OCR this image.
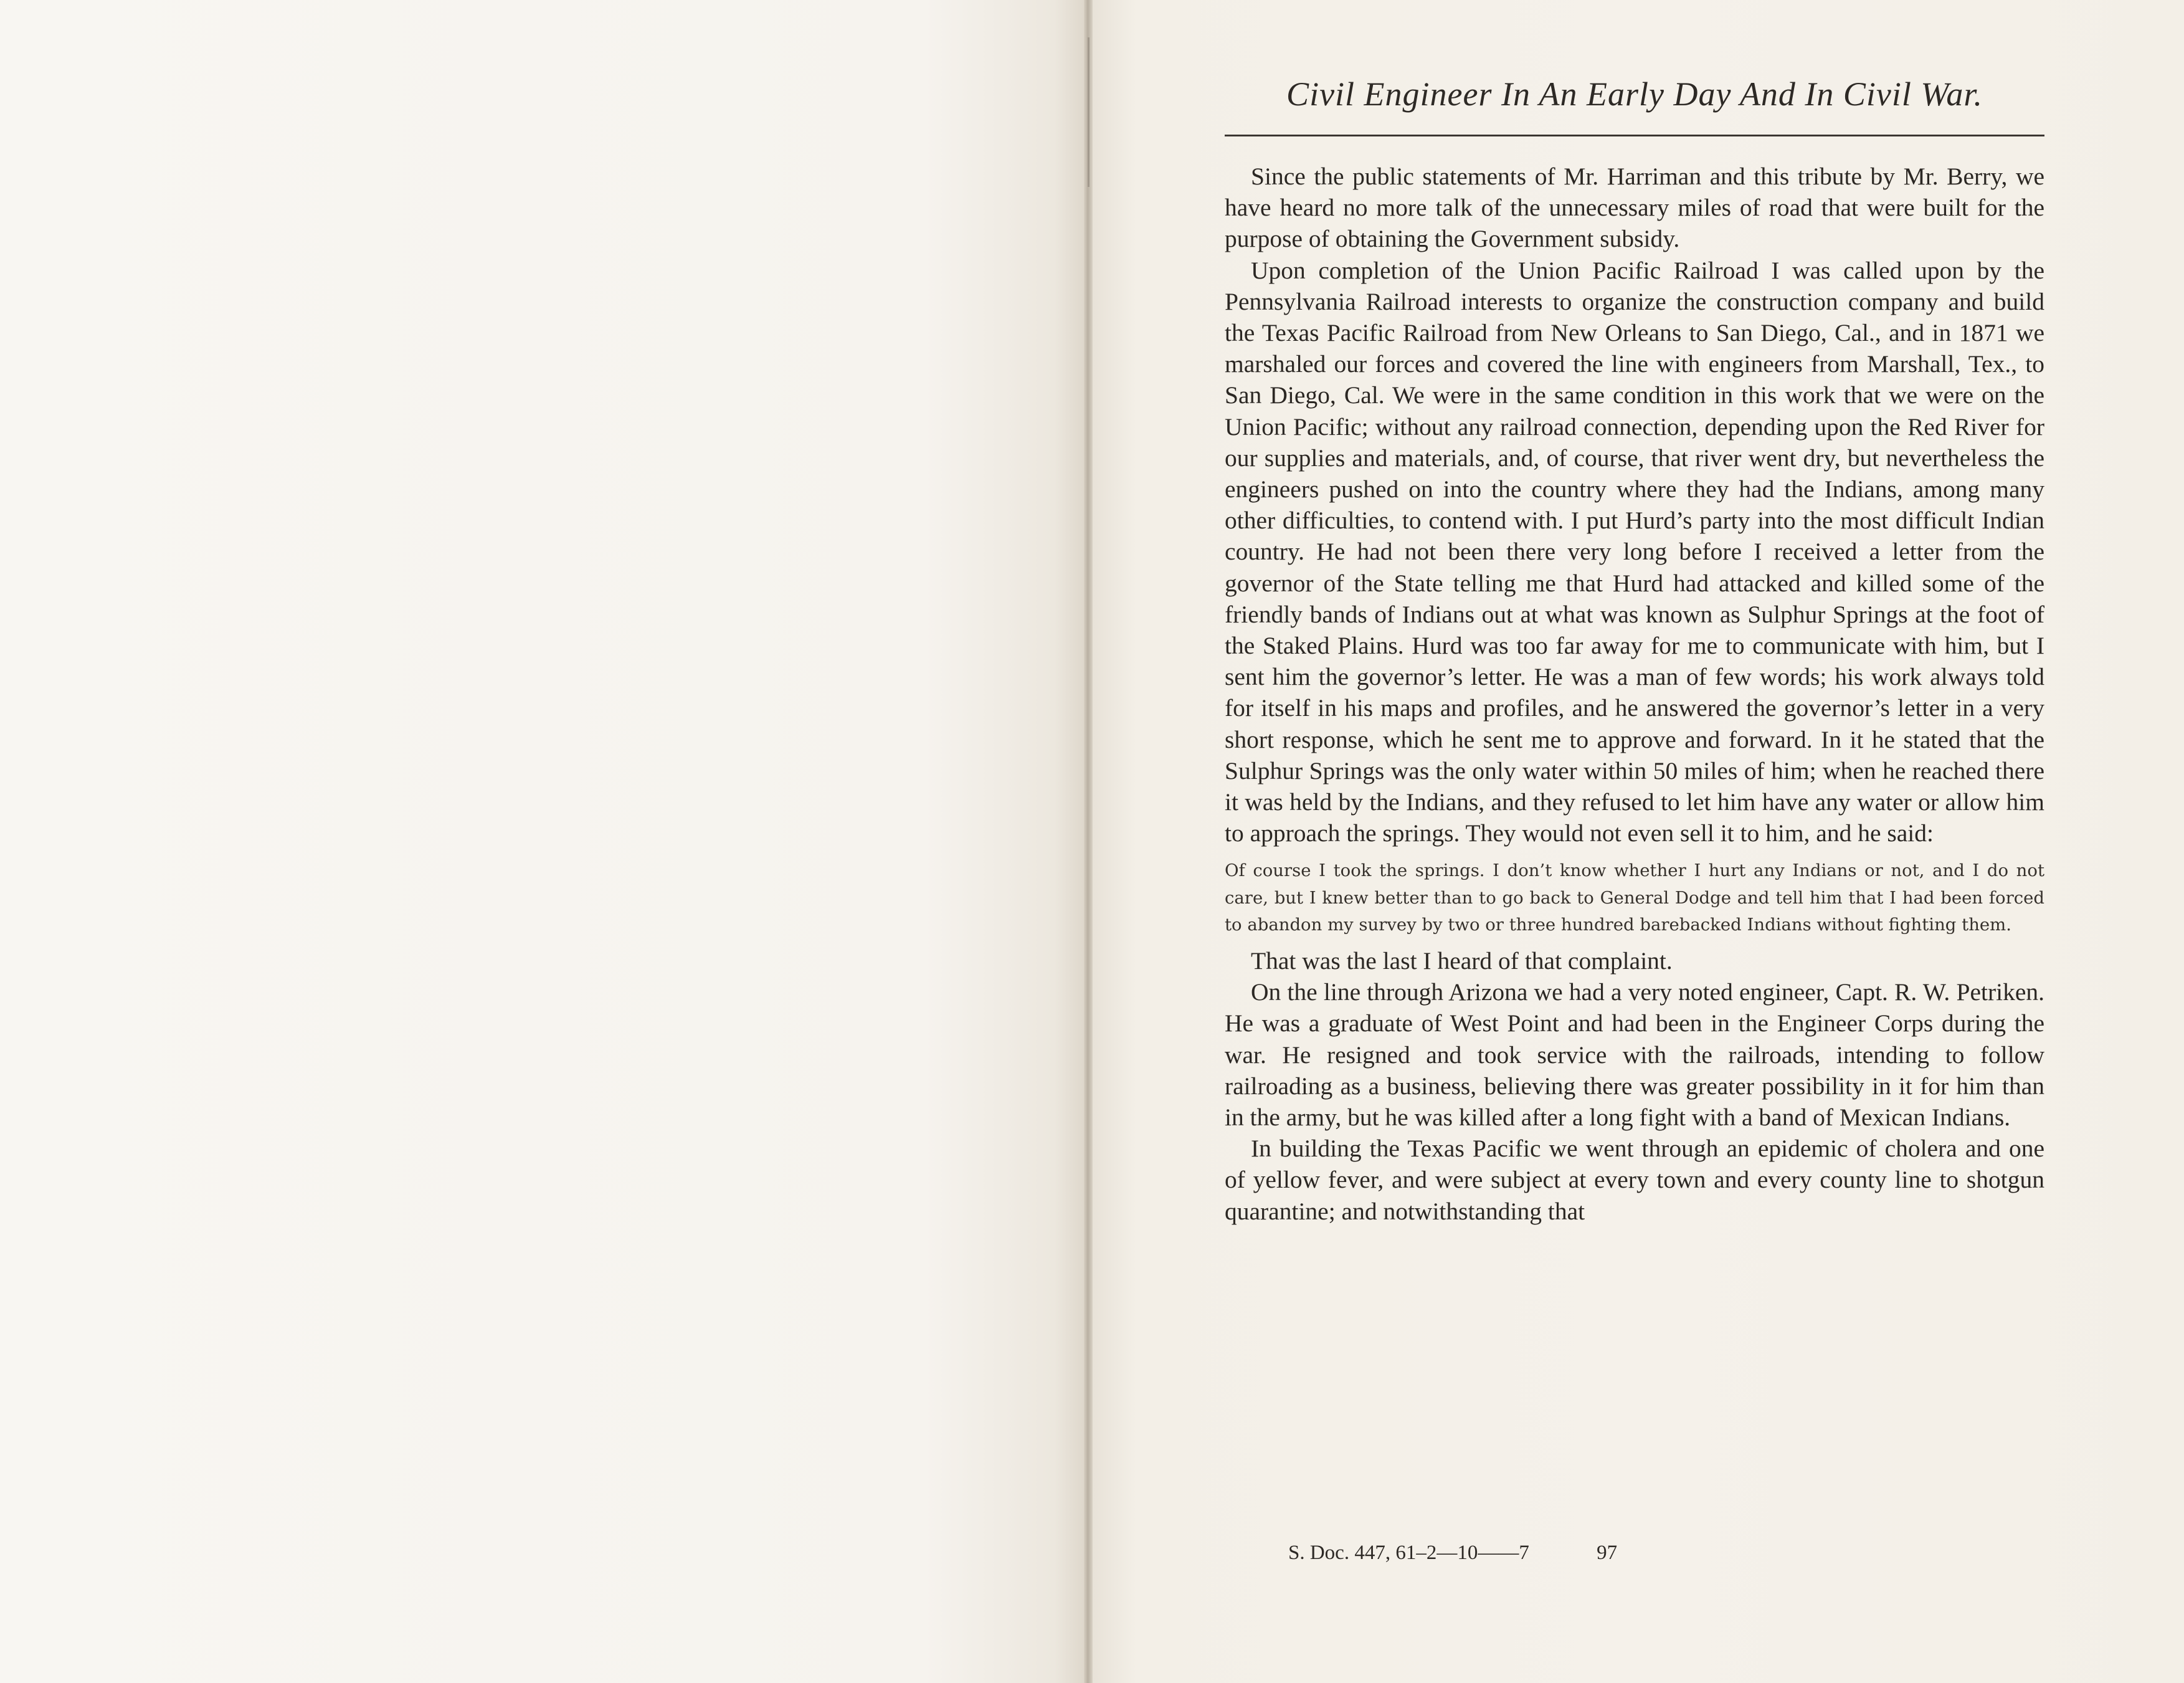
Civil Engineer In An Early Day And In Civil War.

Since the public statements of Mr. Harriman and this tribute by Mr. Berry, we have heard no more talk of the unnecessary miles of road that were built for the purpose of obtaining the Government subsidy.

Upon completion of the Union Pacific Railroad I was called upon by the Pennsylvania Railroad interests to organize the construction company and build the Texas Pacific Railroad from New Orleans to San Diego, Cal., and in 1871 we marshaled our forces and covered the line with engineers from Marshall, Tex., to San Diego, Cal. We were in the same condition in this work that we were on the Union Pacific; without any railroad connection, depending upon the Red River for our supplies and materials, and, of course, that river went dry, but nevertheless the engineers pushed on into the country where they had the Indians, among many other difficulties, to contend with. I put Hurd’s party into the most difficult Indian country. He had not been there very long before I received a letter from the governor of the State telling me that Hurd had attacked and killed some of the friendly bands of Indians out at what was known as Sulphur Springs at the foot of the Staked Plains. Hurd was too far away for me to communicate with him, but I sent him the governor’s letter. He was a man of few words; his work always told for itself in his maps and profiles, and he answered the governor’s letter in a very short response, which he sent me to approve and forward. In it he stated that the Sulphur Springs was the only water within 50 miles of him; when he reached there it was held by the Indians, and they refused to let him have any water or allow him to approach the springs. They would not even sell it to him, and he said:

Of course I took the springs. I don’t know whether I hurt any Indians or not, and I do not care, but I knew better than to go back to General Dodge and tell him that I had been forced to abandon my survey by two or three hundred barebacked Indians without fighting them.

That was the last I heard of that complaint.

On the line through Arizona we had a very noted engineer, Capt. R. W. Petriken. He was a graduate of West Point and had been in the Engineer Corps during the war. He resigned and took service with the railroads, intending to follow railroading as a business, believing there was greater possibility in it for him than in the army, but he was killed after a long fight with a band of Mexican Indians.

In building the Texas Pacific we went through an epidemic of cholera and one of yellow fever, and were subject at every town and every county line to shotgun quarantine; and notwithstanding that

S. Doc. 447, 61–2—10——7	97
